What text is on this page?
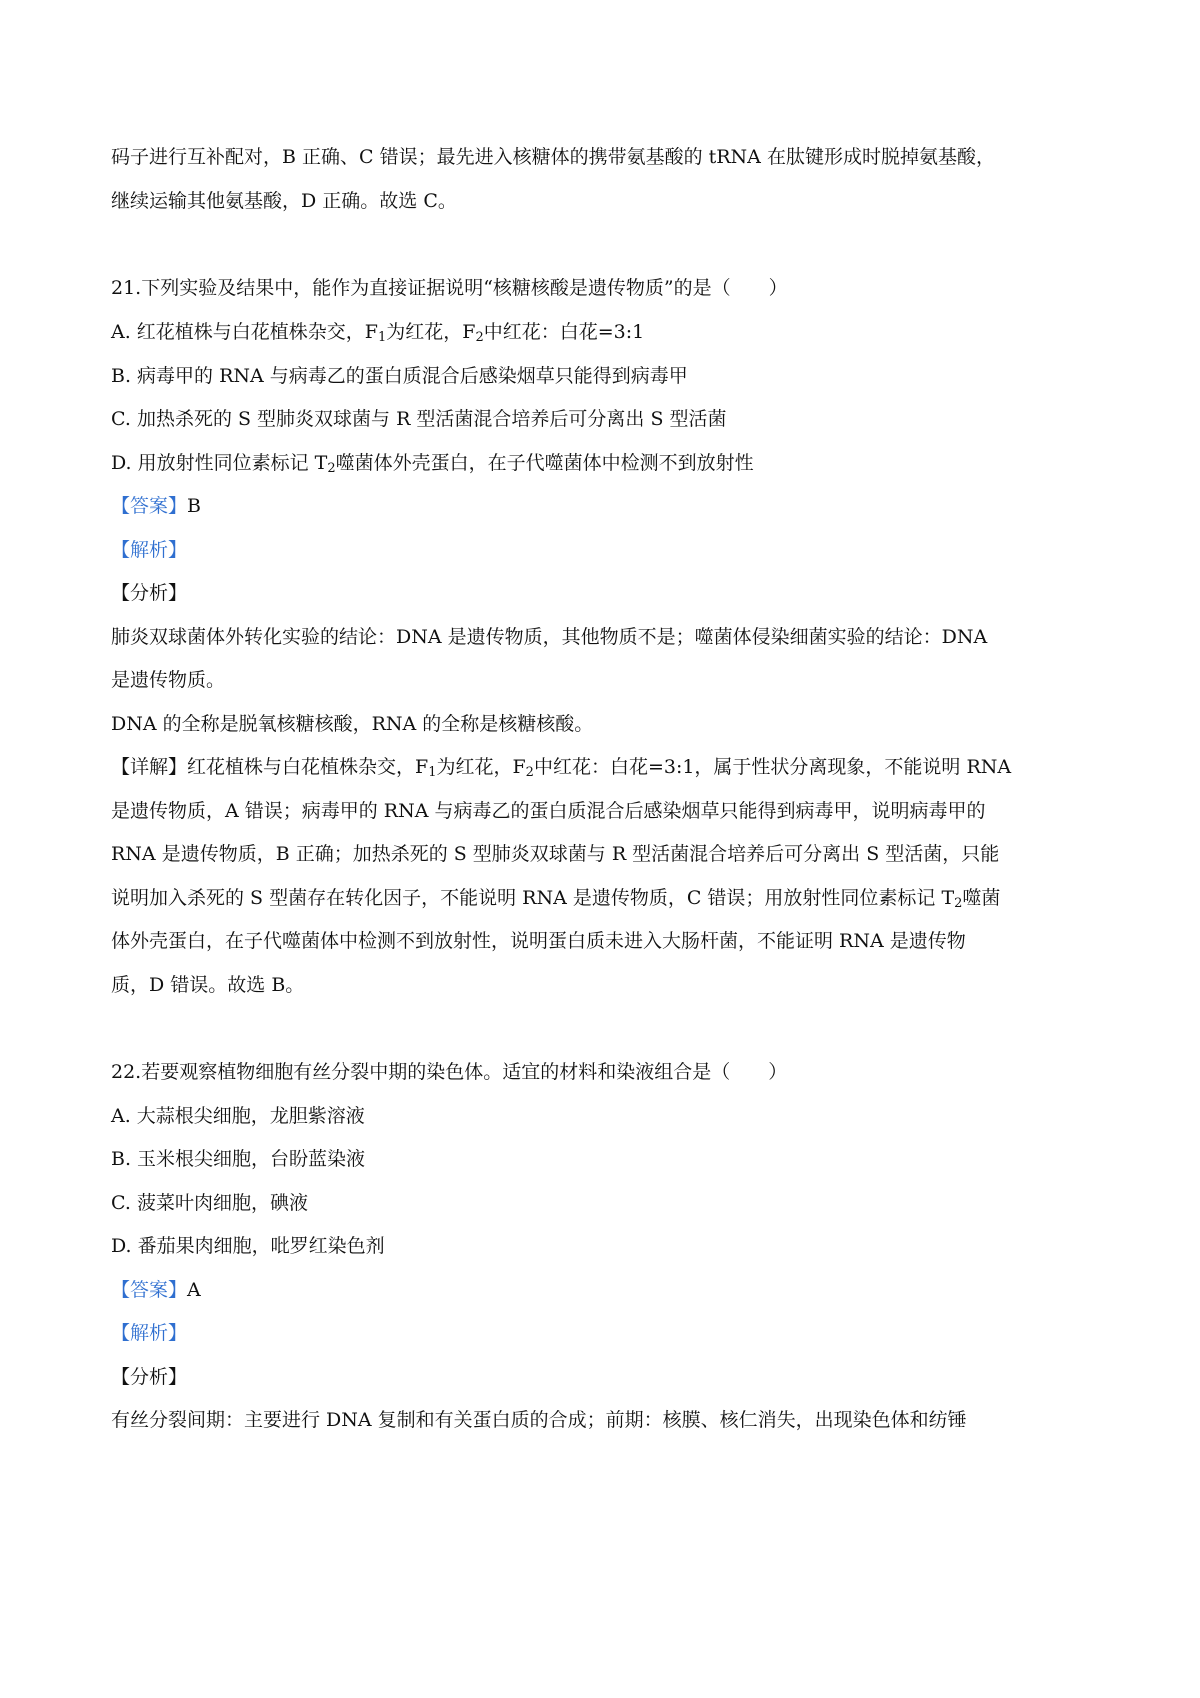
码子进行互补配对，B 正确、C 错误；最先进入核糖体的携带氨基酸的 tRNA 在肽键形成时脱掉氨基酸，
继续运输其他氨基酸，D 正确。故选 C。
21.下列实验及结果中，能作为直接证据说明“核糖核酸是遗传物质”的是（　　）
A. 红花植株与白花植株杂交，$F_1$为红花，$F_2$中红花：白花=3:1
B. 病毒甲的 RNA 与病毒乙的蛋白质混合后感染烟草只能得到病毒甲
C. 加热杀死的 S 型肺炎双球菌与 R 型活菌混合培养后可分离出 S 型活菌
D. 用放射性同位素标记 $T_2$噬菌体外壳蛋白，在子代噬菌体中检测不到放射性
【答案】B
【解析】
【分析】
肺炎双球菌体外转化实验的结论：DNA 是遗传物质，其他物质不是；噬菌体侵染细菌实验的结论：DNA
是遗传物质。
DNA 的全称是脱氧核糖核酸，RNA 的全称是核糖核酸。
【详解】红花植株与白花植株杂交，$F_1$为红花，$F_2$中红花：白花=3:1，属于性状分离现象，不能说明 RNA
是遗传物质，A 错误；病毒甲的 RNA 与病毒乙的蛋白质混合后感染烟草只能得到病毒甲，说明病毒甲的
RNA 是遗传物质，B 正确；加热杀死的 S 型肺炎双球菌与 R 型活菌混合培养后可分离出 S 型活菌，只能
说明加入杀死的 S 型菌存在转化因子，不能说明 RNA 是遗传物质，C 错误；用放射性同位素标记 $T_2$噬菌
体外壳蛋白，在子代噬菌体中检测不到放射性，说明蛋白质未进入大肠杆菌，不能证明 RNA 是遗传物
质，D 错误。故选 B。
22.若要观察植物细胞有丝分裂中期的染色体。适宜的材料和染液组合是（　　）
A. 大蒜根尖细胞，龙胆紫溶液
B. 玉米根尖细胞，台盼蓝染液
C. 菠菜叶肉细胞，碘液
D. 番茄果肉细胞，吡罗红染色剂
【答案】A
【解析】
【分析】
有丝分裂间期：主要进行 DNA 复制和有关蛋白质的合成；前期：核膜、核仁消失，出现染色体和纺锤
